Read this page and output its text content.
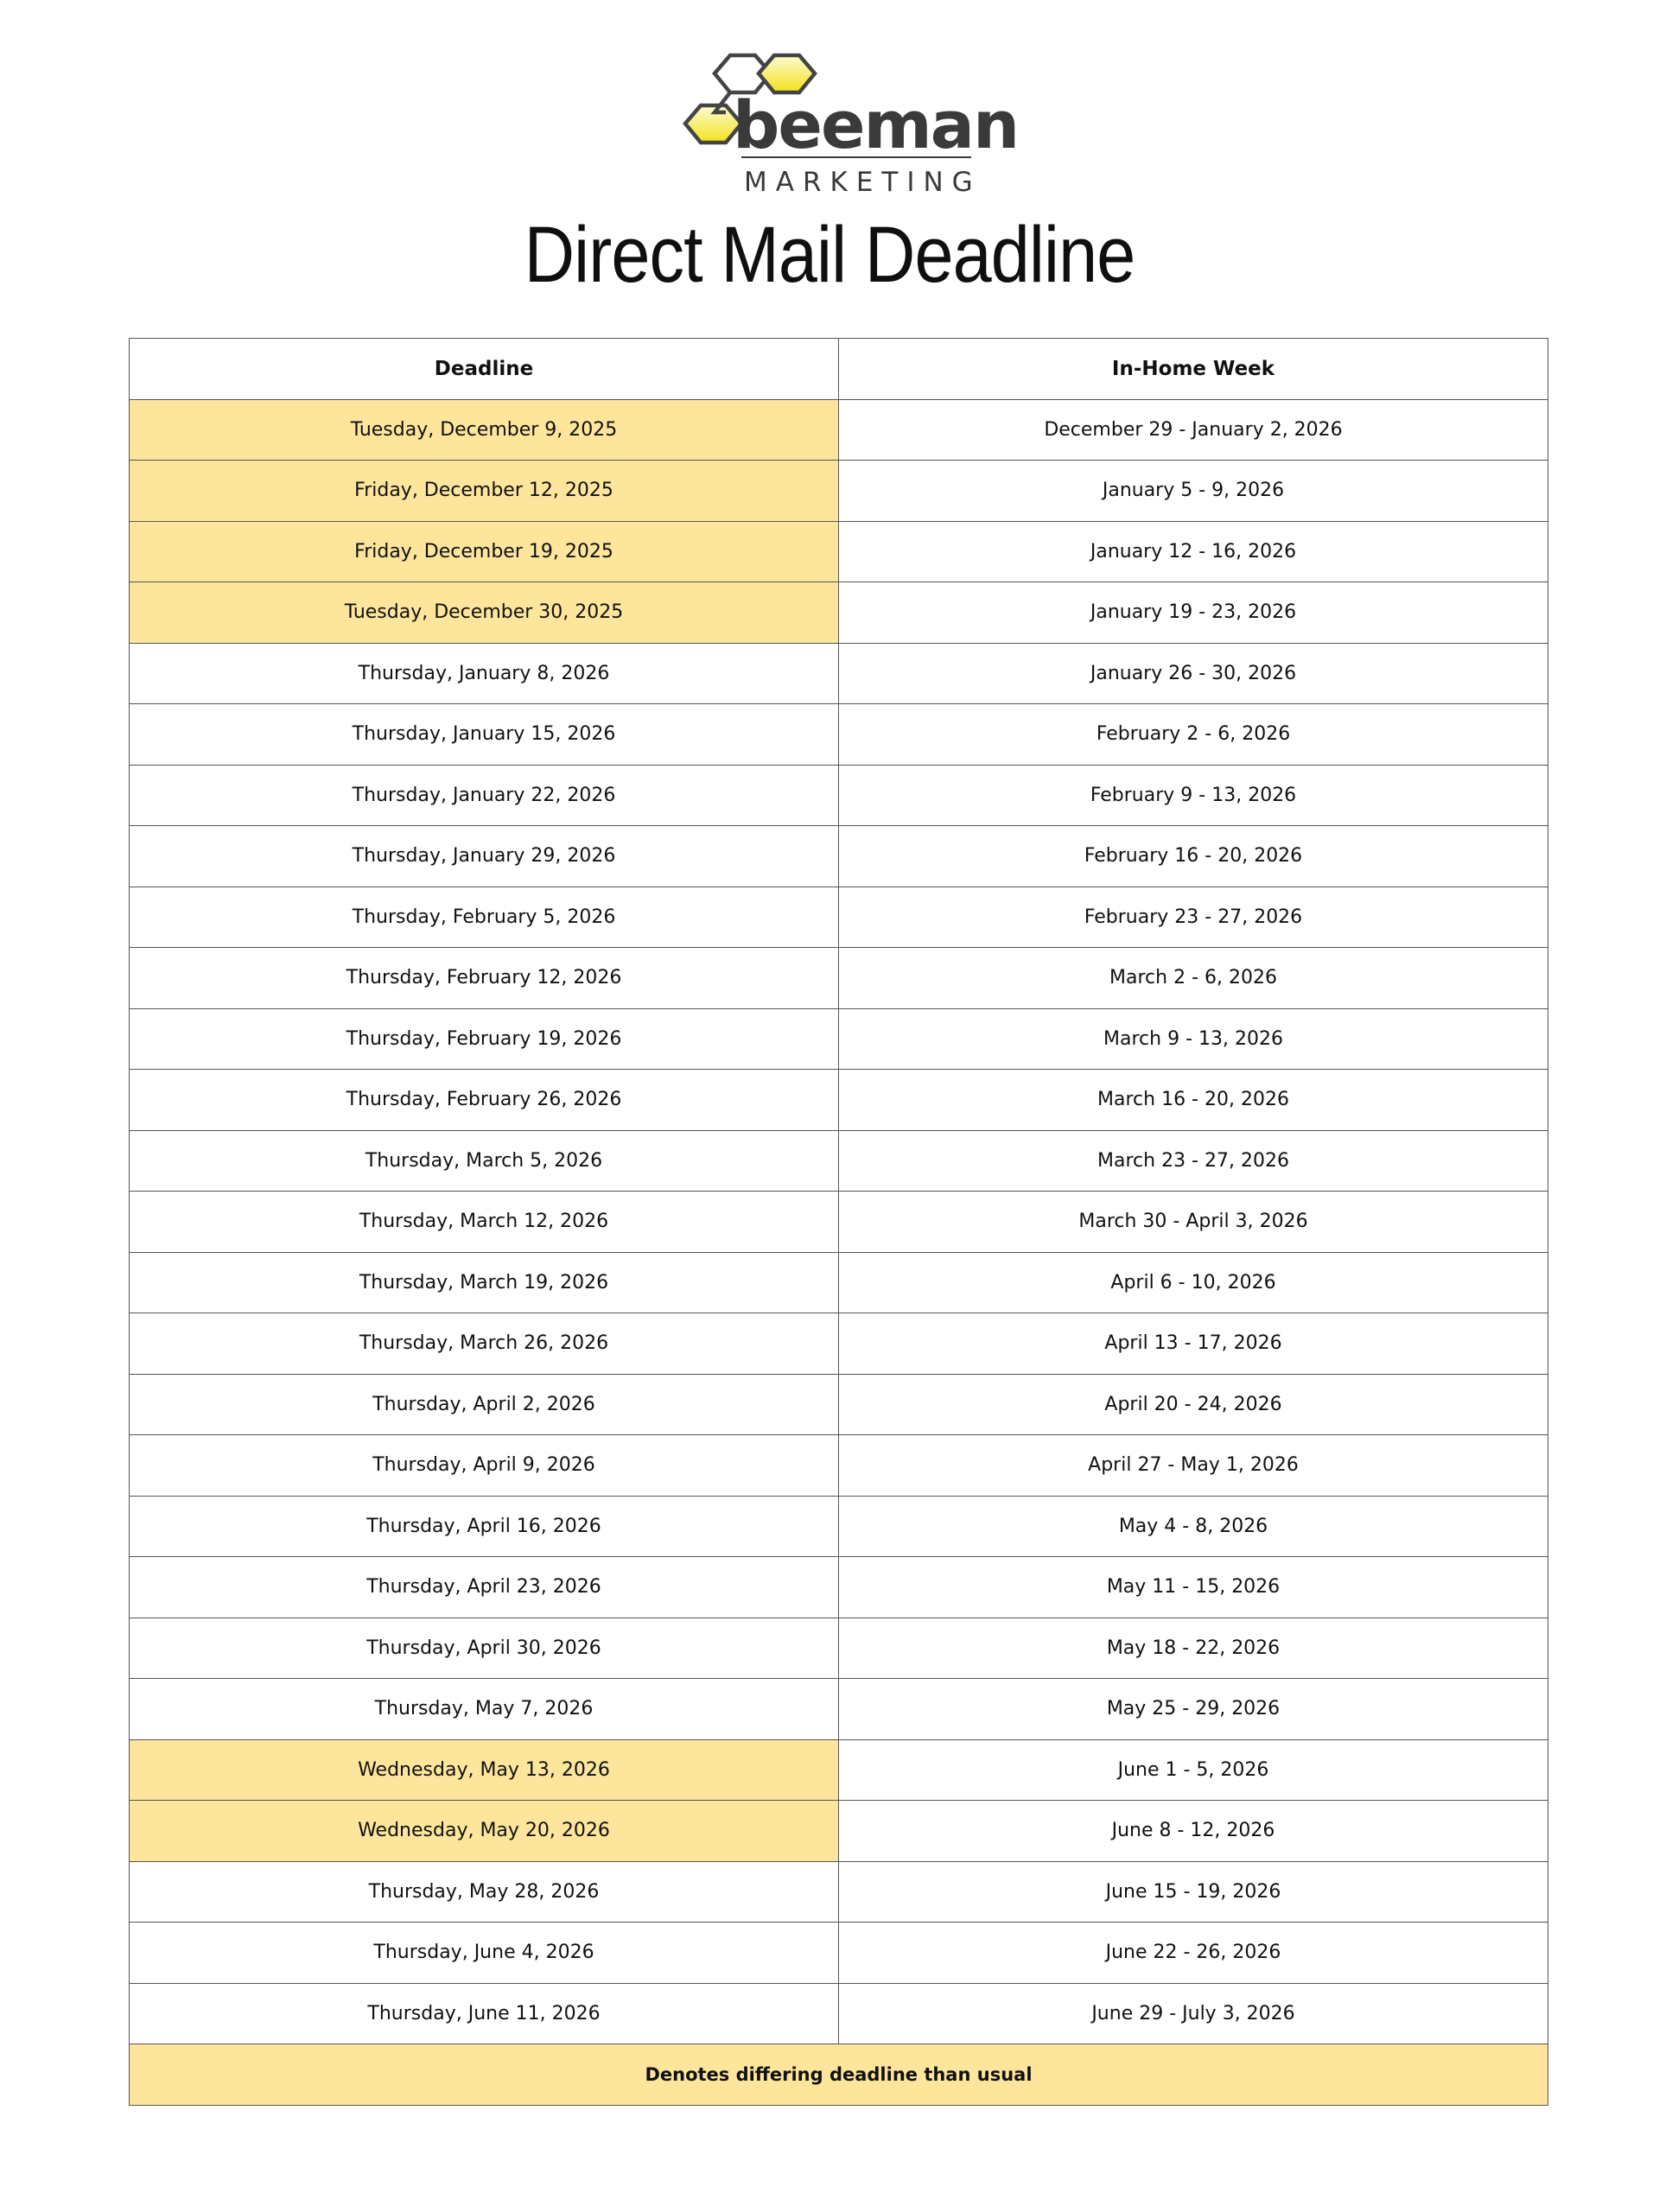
beeman
MARKETING
Direct Mail Deadline
Deadline	In-Home Week
Tuesday, December 9, 2025	December 29 - January 2, 2026
Friday, December 12, 2025	January 5 - 9, 2026
Friday, December 19, 2025	January 12 - 16, 2026
Tuesday, December 30, 2025	January 19 - 23, 2026
Thursday, January 8, 2026	January 26 - 30, 2026
Thursday, January 15, 2026	February 2 - 6, 2026
Thursday, January 22, 2026	February 9 - 13, 2026
Thursday, January 29, 2026	February 16 - 20, 2026
Thursday, February 5, 2026	February 23 - 27, 2026
Thursday, February 12, 2026	March 2 - 6, 2026
Thursday, February 19, 2026	March 9 - 13, 2026
Thursday, February 26, 2026	March 16 - 20, 2026
Thursday, March 5, 2026	March 23 - 27, 2026
Thursday, March 12, 2026	March 30 - April 3, 2026
Thursday, March 19, 2026	April 6 - 10, 2026
Thursday, March 26, 2026	April 13 - 17, 2026
Thursday, April 2, 2026	April 20 - 24, 2026
Thursday, April 9, 2026	April 27 - May 1, 2026
Thursday, April 16, 2026	May 4 - 8, 2026
Thursday, April 23, 2026	May 11 - 15, 2026
Thursday, April 30, 2026	May 18 - 22, 2026
Thursday, May 7, 2026	May 25 - 29, 2026
Wednesday, May 13, 2026	June 1 - 5, 2026
Wednesday, May 20, 2026	June 8 - 12, 2026
Thursday, May 28, 2026	June 15 - 19, 2026
Thursday, June 4, 2026	June 22 - 26, 2026
Thursday, June 11, 2026	June 29 - July 3, 2026
Denotes differing deadline than usual	
